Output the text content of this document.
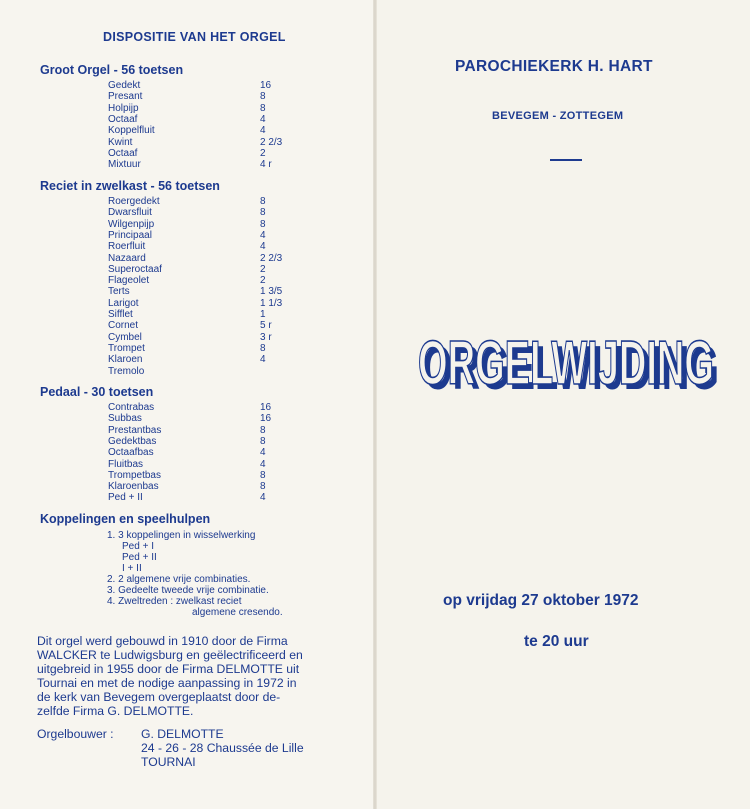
DISPOSITIE VAN HET ORGEL
Groot Orgel - 56 toetsen
Gedekt	16
Presant	8
Holpijp	8
Octaaf	4
Koppelfluit	4
Kwint	2 2/3
Octaaf	2
Mixtuur	4 r
Reciet in zwelkast - 56 toetsen
Roergedekt	8
Dwarsfluit	8
Wilgenpijp	8
Principaal	4
Roerfluit	4
Nazaard	2 2/3
Superoctaaf	2
Flageolet	2
Terts	1 3/5
Larigot	1 1/3
Sifflet	1
Cornet	5 r
Cymbel	3 r
Trompet	8
Klaroen	4
Tremolo
Pedaal - 30 toetsen
Contrabas	16
Subbas	16
Prestantbas	8
Gedektbas	8
Octaafbas	4
Fluitbas	4
Trompetbas	8
Klaroenbas	8
Ped + II	4
Koppelingen en speelhulpen
1. 3 koppelingen in wisselwerking
Ped + I
Ped + II
I + II
2. 2 algemene vrije combinaties.
3. Gedeelte tweede vrije combinatie.
4. Zweltreden : zwelkast reciet
algemene cresendo.
Dit orgel werd gebouwd in 1910 door de Firma
WALCKER te Ludwigsburg en geëlectrificeerd en
uitgebreid in 1955 door de Firma DELMOTTE uit
Tournai en met de nodige aanpassing in 1972 in
de kerk van Bevegem overgeplaatst door de-
zelfde Firma G. DELMOTTE.
Orgelbouwer : G. DELMOTTE
24 - 26 - 28 Chaussée de Lille
TOURNAI
PAROCHIEKERK H. HART
BEVEGEM - ZOTTEGEM
ORGELWIJDING
ORGELWIJDING
op vrijdag 27 oktober 1972
te 20 uur
